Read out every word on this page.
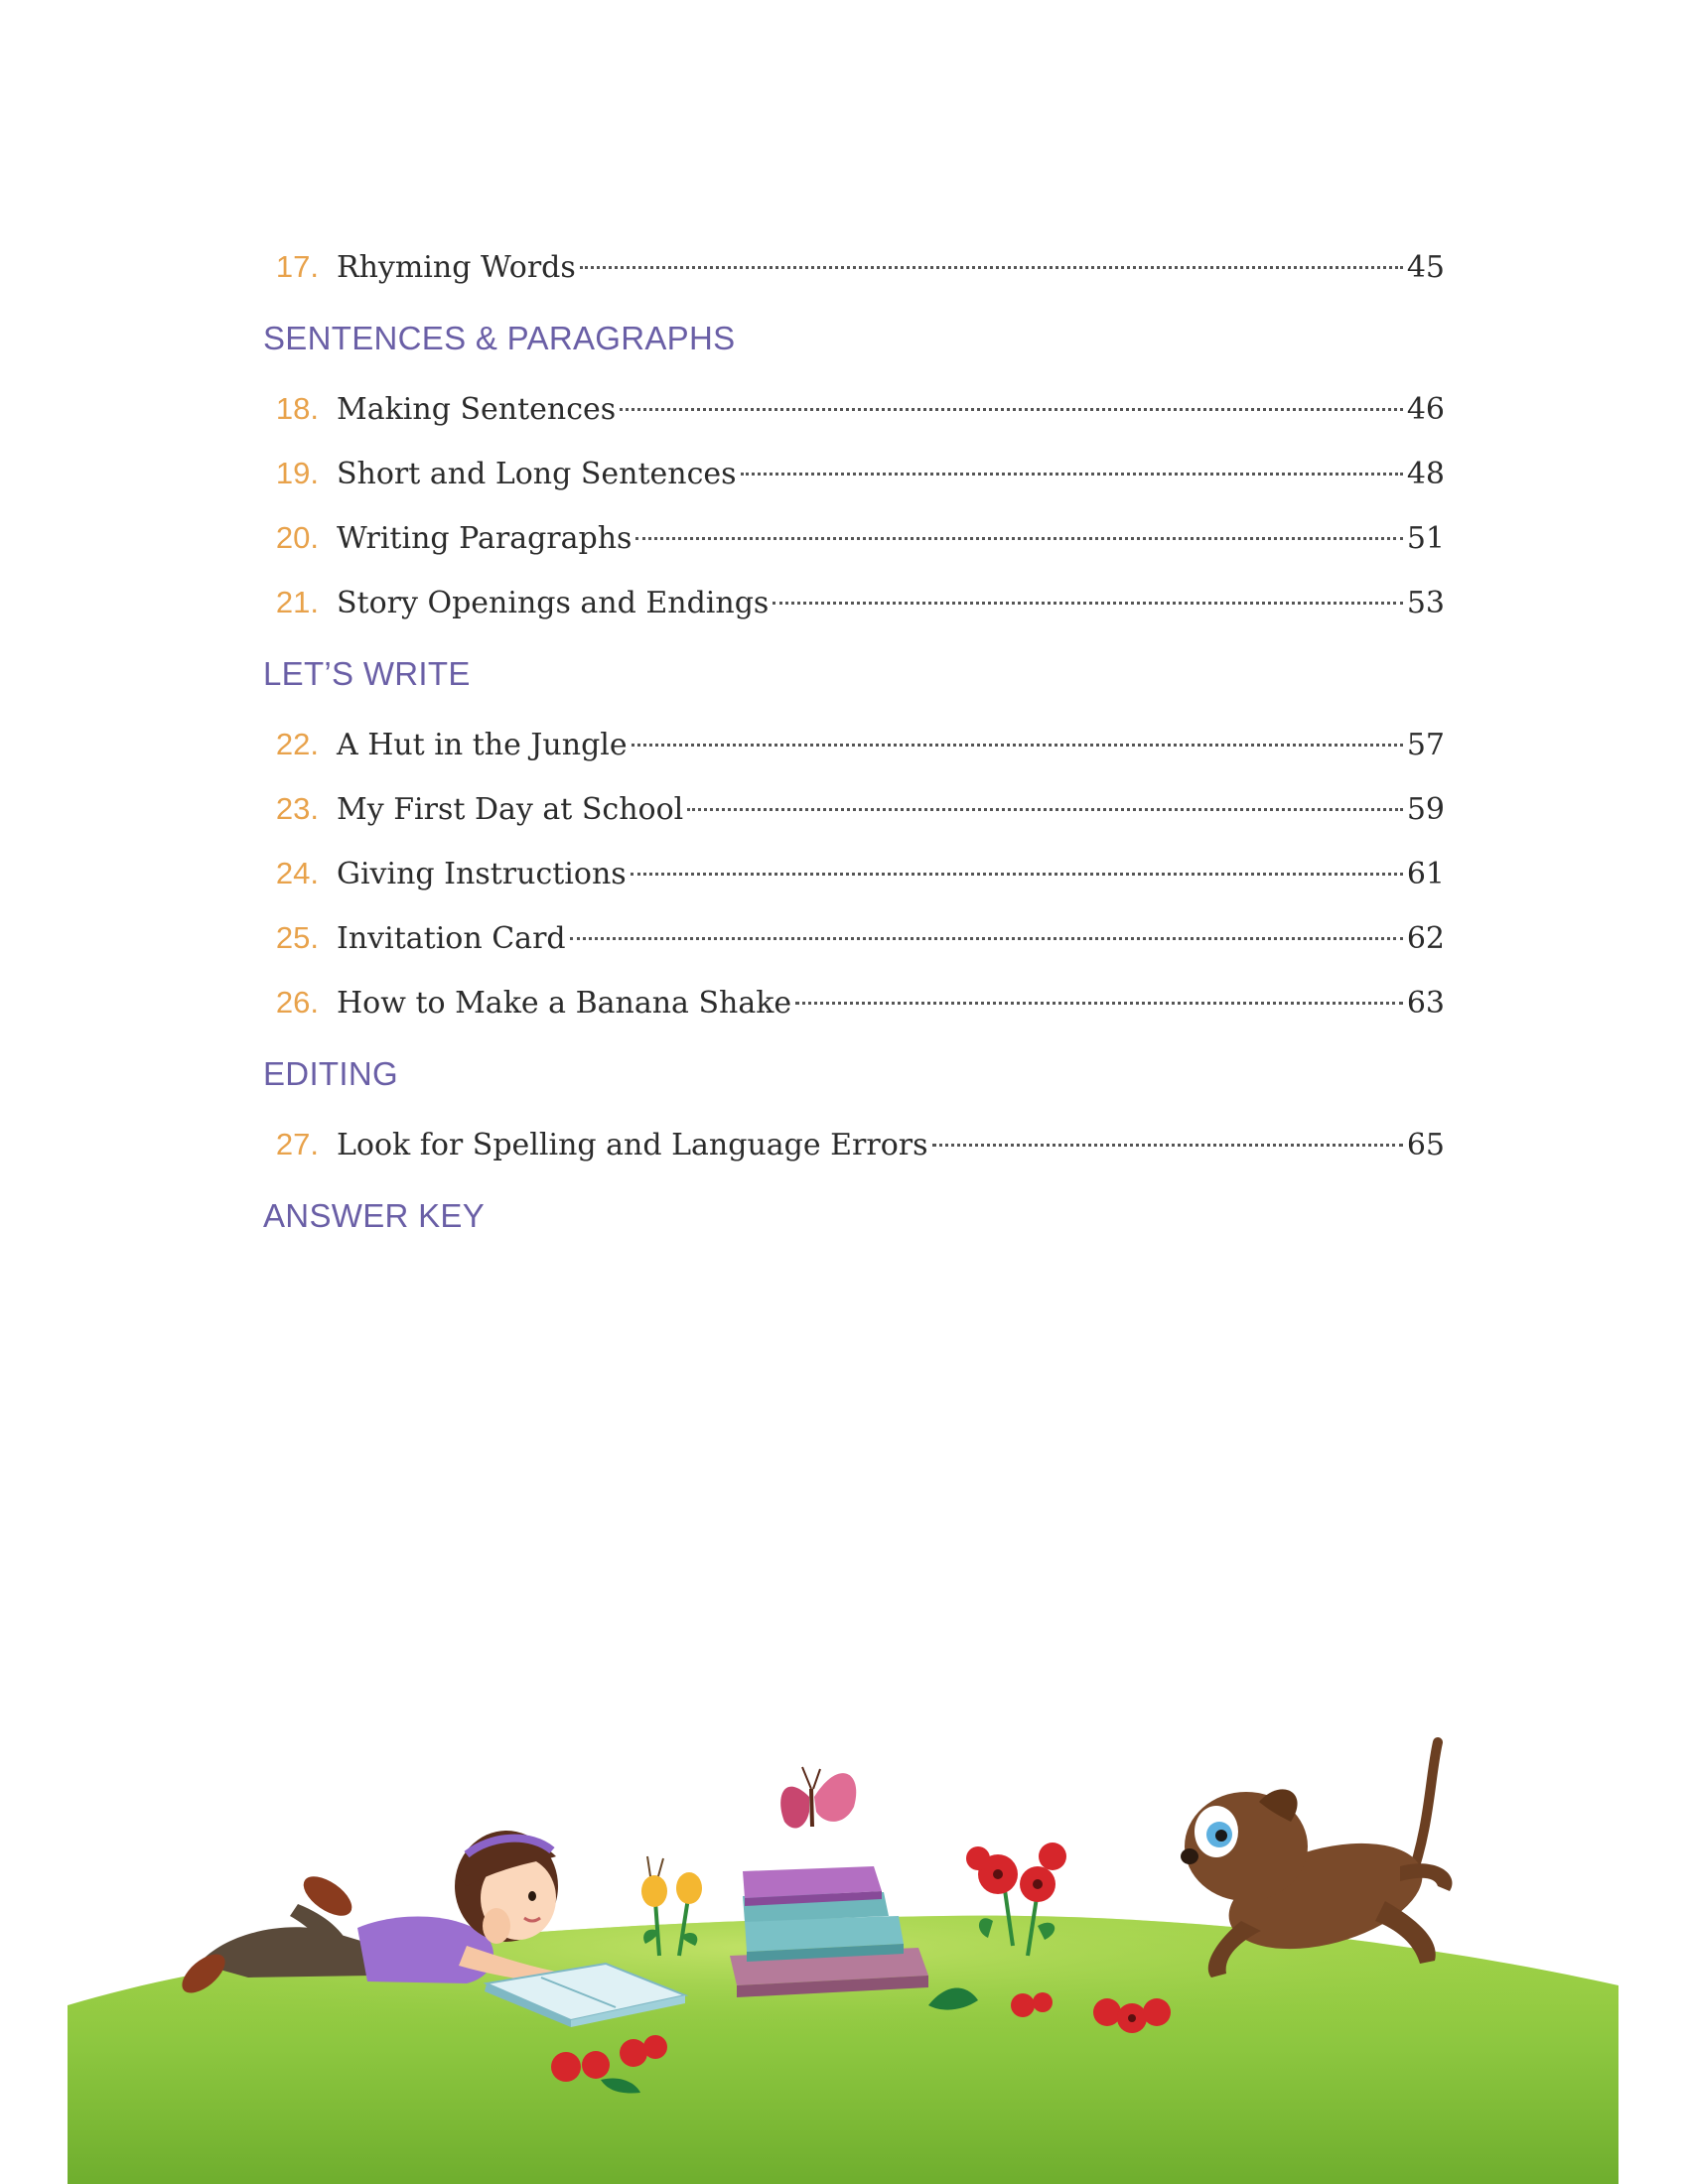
17. Rhyming Words	45
SENTENCES & PARAGRAPHS
18. Making Sentences	46
19. Short and Long Sentences	48
20. Writing Paragraphs	51
21. Story Openings and Endings	53
LET’S WRITE
22. A Hut in the Jungle	57
23. My First Day at School	59
24. Giving Instructions	61
25. Invitation Card	62
26. How to Make a Banana Shake	63
EDITING
27. Look for Spelling and Language Errors	65
ANSWER KEY
